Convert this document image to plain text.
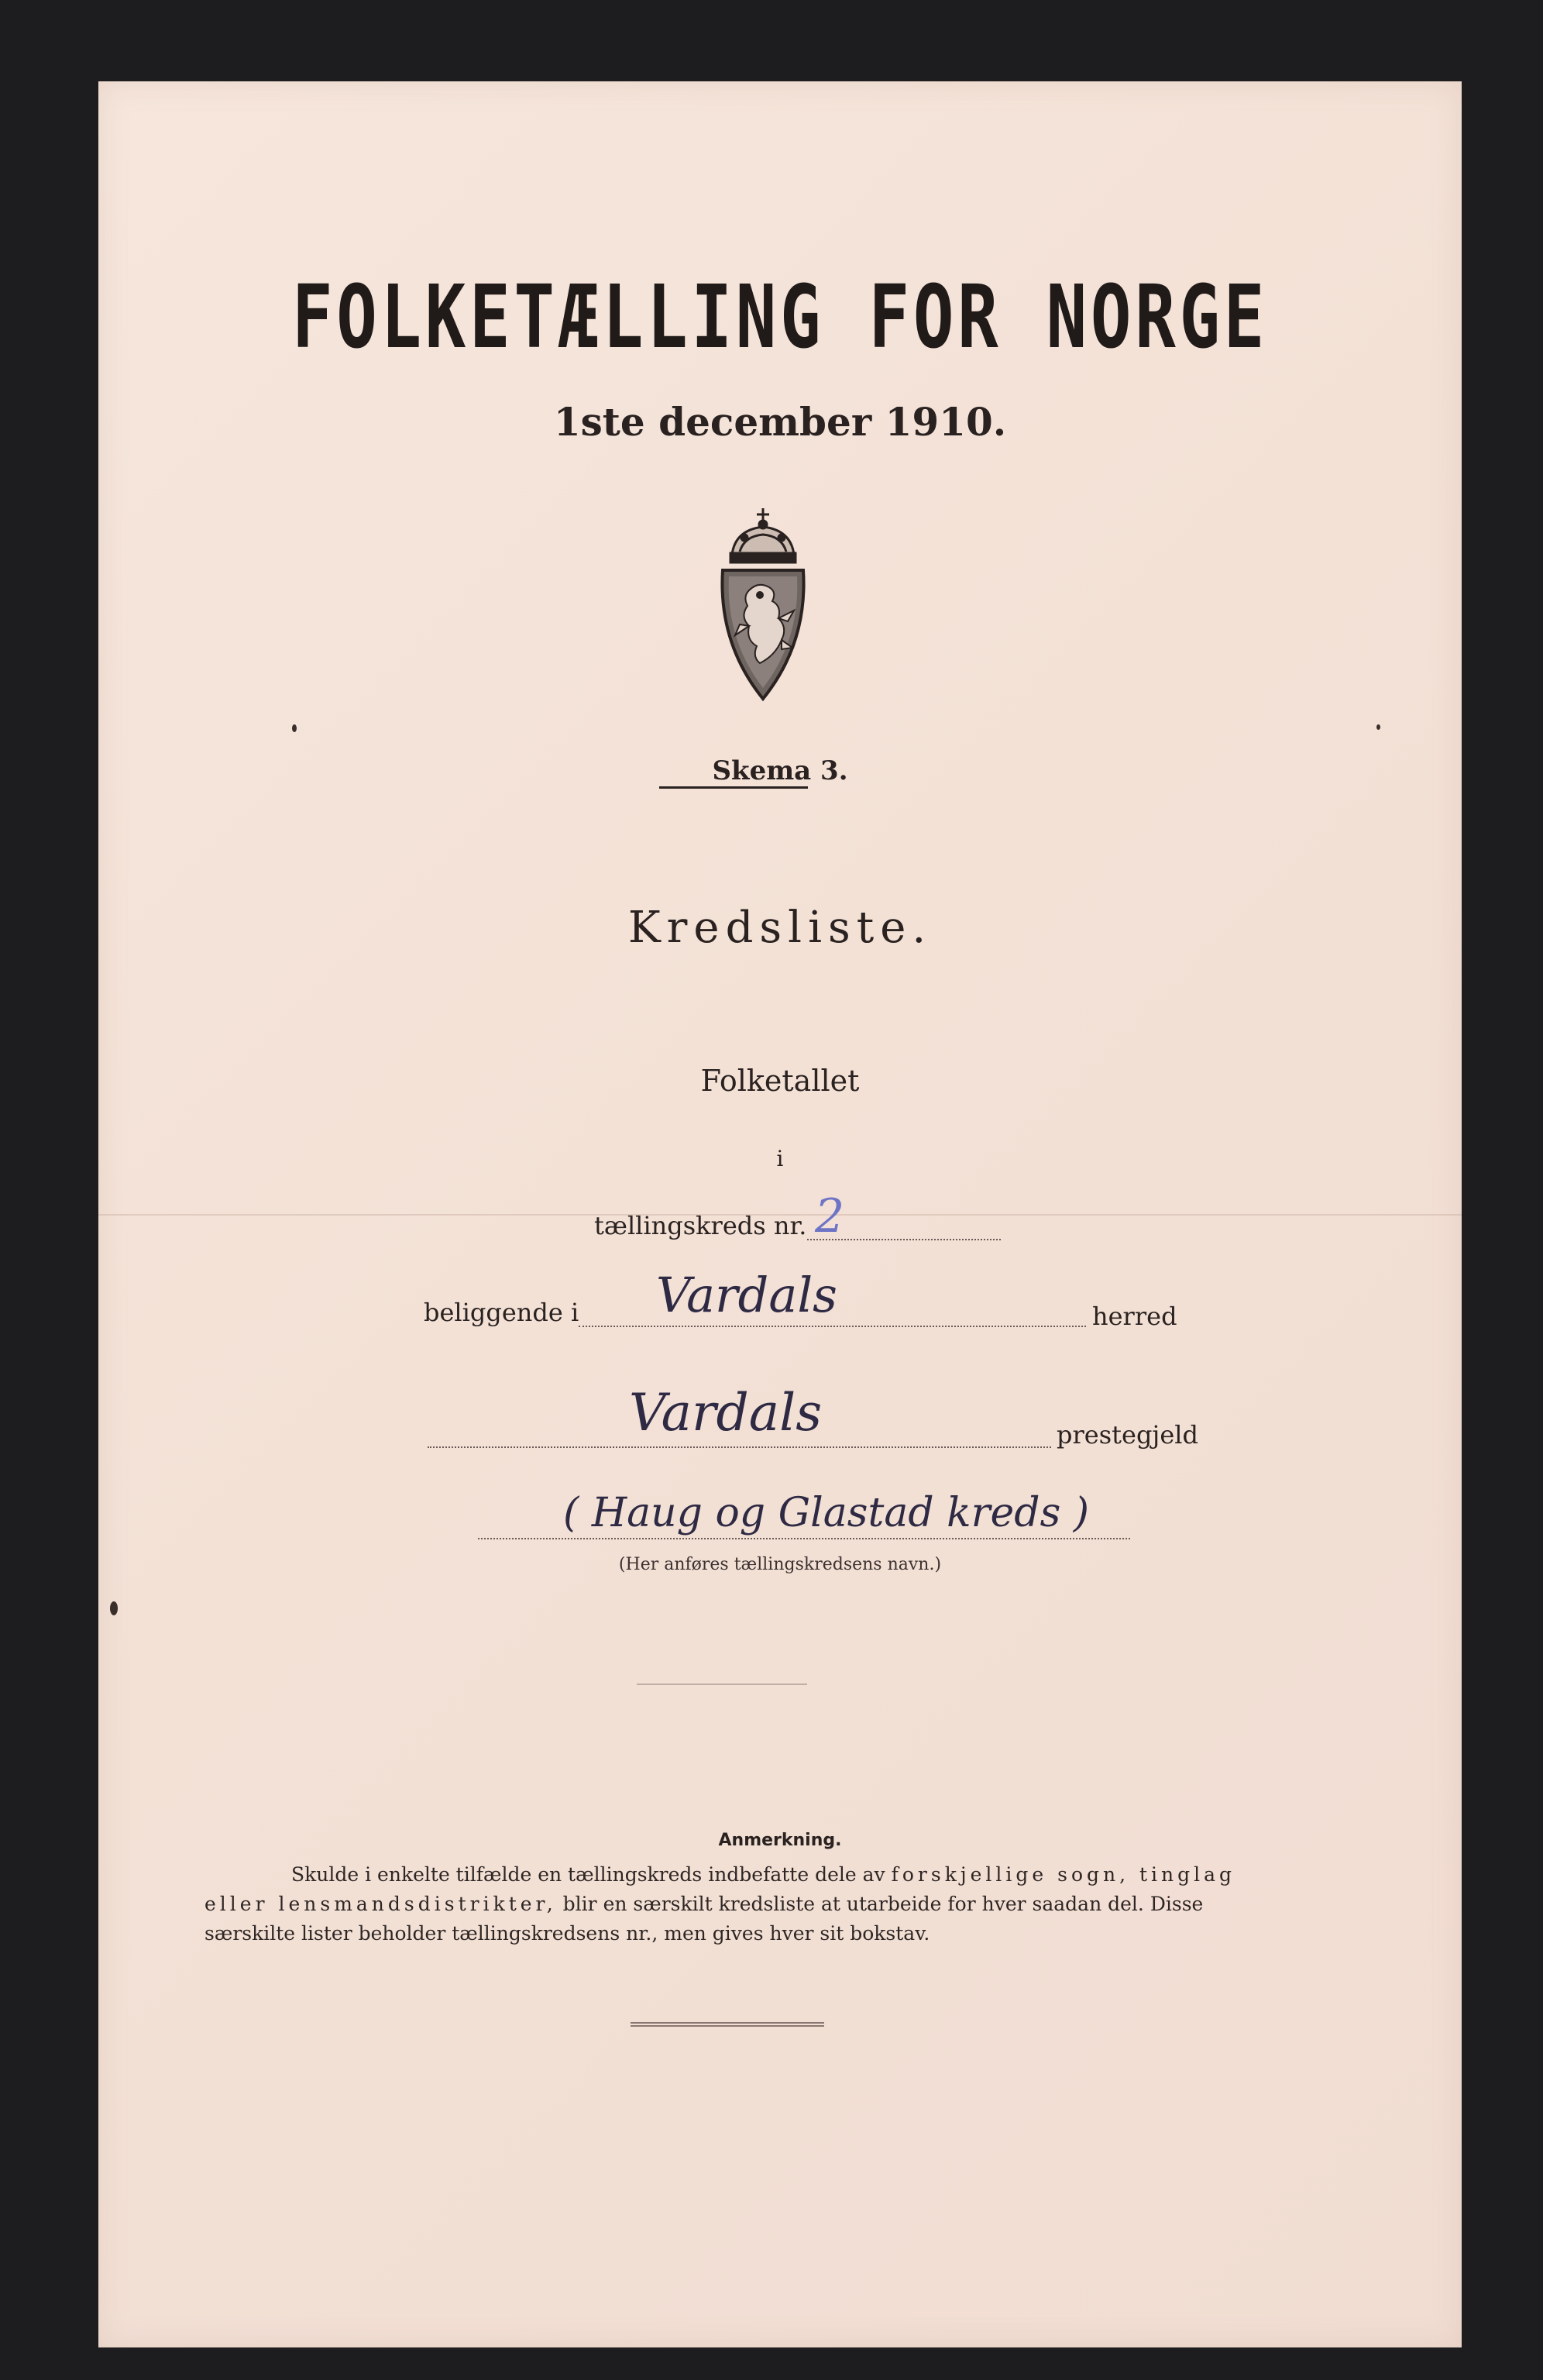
FOLKETÆLLING FOR NORGE
1ste december 1910.
Skema 3.
Kredsliste.
Folketallet
i
tællingskreds nr. 2
beliggende i Vardals	herred
Vardals	prestegjeld
( Haug og Glastad kreds )
(Her anføres tællingskredsens navn.)
Anmerkning.
Skulde i enkelte tilfælde en tællingskreds indbefatte dele av forskjellige sogn, tinglag
eller lensmandsdistrikter, blir en særskilt kredsliste at utarbeide for hver saadan del. Disse
særskilte lister beholder tællingskredsens nr., men gives hver sit bokstav.
